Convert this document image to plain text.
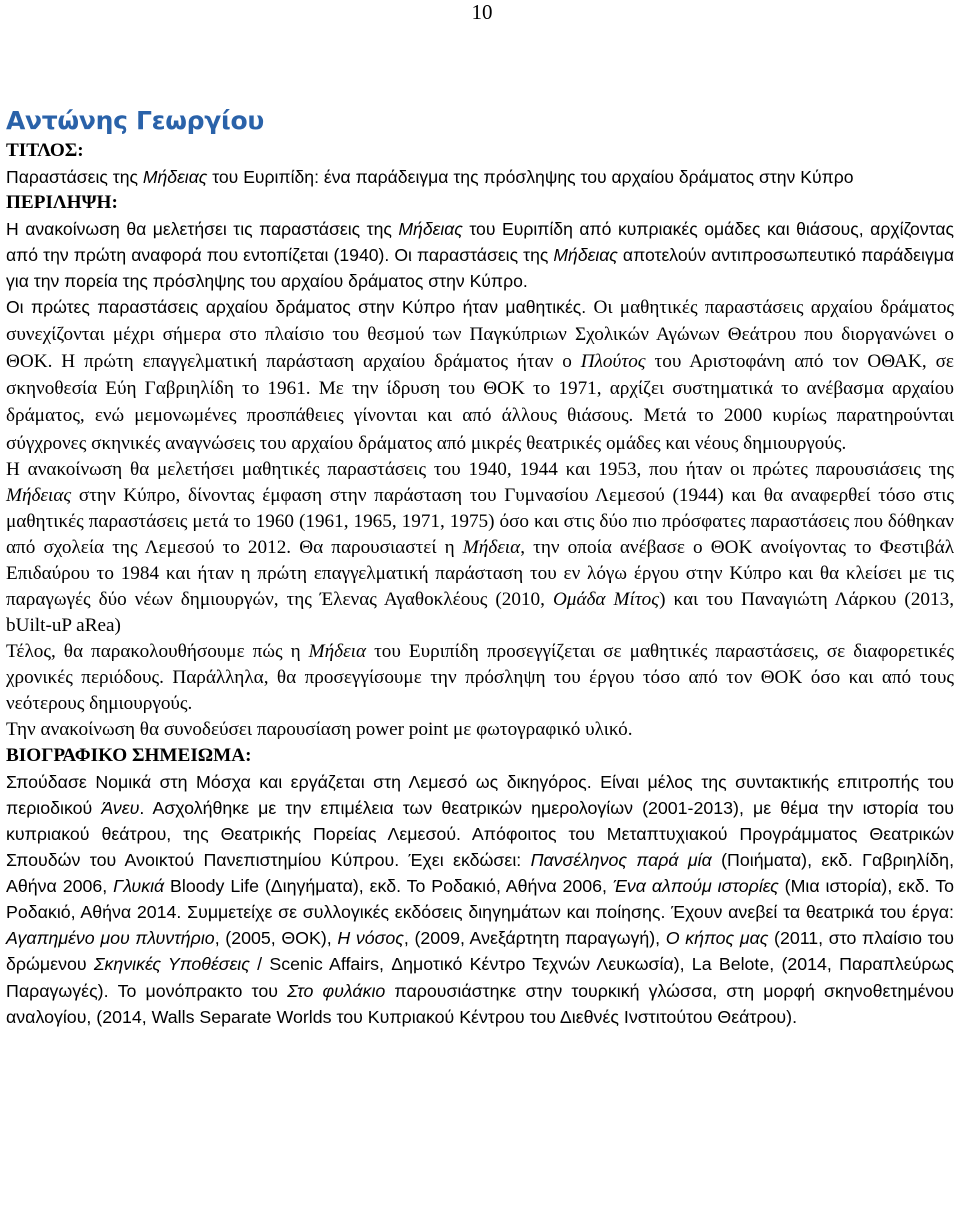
10
Αντώνης Γεωργίου

ΤΙΤΛΟΣ:

Παραστάσεις της Μήδειας του Ευριπίδη: ένα παράδειγμα της πρόσληψης του αρχαίου δράματος στην Κύπρο

ΠΕΡΙΛΗΨΗ:

Η ανακοίνωση θα μελετήσει τις παραστάσεις της Μήδειας του Ευριπίδη από κυπριακές ομάδες και θιάσους, αρχίζοντας από την πρώτη αναφορά που εντοπίζεται (1940). Οι παραστάσεις της Μήδειας αποτελούν αντιπροσωπευτικό παράδειγμα για την πορεία της πρόσληψης του αρχαίου δράματος στην Κύπρο.

Οι πρώτες παραστάσεις αρχαίου δράματος στην Κύπρο ήταν μαθητικές. Οι μαθητικές παραστάσεις αρχαίου δράματος συνεχίζονται μέχρι σήμερα στο πλαίσιο του θεσμού των Παγκύπριων Σχολικών Αγώνων Θεάτρου που διοργανώνει ο ΘΟΚ. Η πρώτη επαγγελματική παράσταση αρχαίου δράματος ήταν ο Πλούτος του Αριστοφάνη από τον ΟΘΑΚ, σε σκηνοθεσία Εύη Γαβριηλίδη το 1961. Με την ίδρυση του ΘΟΚ το 1971, αρχίζει συστηματικά το ανέβασμα αρχαίου δράματος, ενώ μεμονωμένες προσπάθειες γίνονται και από άλλους θιάσους. Μετά το 2000 κυρίως παρατηρούνται σύγχρονες σκηνικές αναγνώσεις του αρχαίου δράματος από μικρές θεατρικές ομάδες και νέους δημιουργούς.

Η ανακοίνωση θα μελετήσει μαθητικές παραστάσεις του 1940, 1944 και 1953, που ήταν οι πρώτες παρουσιάσεις της Μήδειας στην Κύπρο, δίνοντας έμφαση στην παράσταση του Γυμνασίου Λεμεσού (1944) και θα αναφερθεί τόσο στις μαθητικές παραστάσεις μετά το 1960 (1961, 1965, 1971, 1975) όσο και στις δύο πιο πρόσφατες παραστάσεις που δόθηκαν από σχολεία της Λεμεσού το 2012. Θα παρουσιαστεί η Μήδεια, την οποία ανέβασε ο ΘΟΚ ανοίγοντας το Φεστιβάλ Επιδαύρου το 1984 και ήταν η πρώτη επαγγελματική παράσταση του εν λόγω έργου στην Κύπρο και θα κλείσει με τις παραγωγές δύο νέων δημιουργών, της Έλενας Αγαθοκλέους (2010, Ομάδα Μίτος) και του Παναγιώτη Λάρκου (2013, bUilt-uP aRea)

Τέλος, θα παρακολουθήσουμε πώς η Μήδεια του Ευριπίδη προσεγγίζεται σε μαθητικές παραστάσεις, σε διαφορετικές χρονικές περιόδους. Παράλληλα, θα προσεγγίσουμε την πρόσληψη του έργου τόσο από τον ΘΟΚ όσο και από τους νεότερους δημιουργούς.

Την ανακοίνωση θα συνοδεύσει παρουσίαση power point με φωτογραφικό υλικό.

ΒΙΟΓΡΑΦΙΚΟ ΣΗΜΕΙΩΜΑ:

Σπούδασε Νομικά στη Μόσχα και εργάζεται στη Λεμεσό ως δικηγόρος. Είναι μέλος της συντακτικής επιτροπής του περιοδικού Άνευ. Ασχολήθηκε με την επιμέλεια των θεατρικών ημερολογίων (2001-2013), με θέμα την ιστορία του κυπριακού θεάτρου, της Θεατρικής Πορείας Λεμεσού. Απόφοιτος του Μεταπτυχιακού Προγράμματος Θεατρικών Σπουδών του Ανοικτού Πανεπιστημίου Κύπρου. Έχει εκδώσει: Πανσέληνος παρά μία (Ποιήματα), εκδ. Γαβριηλίδη, Αθήνα 2006, Γλυκιά Bloody Life (Διηγήματα), εκδ. Το Ροδακιό, Αθήνα 2006, Ένα αλπούμ ιστορίες (Μια ιστορία), εκδ. Το Ροδακιό, Αθήνα 2014. Συμμετείχε σε συλλογικές εκδόσεις διηγημάτων και ποίησης. Έχουν ανεβεί τα θεατρικά του έργα: Αγαπημένο μου πλυντήριο, (2005, ΘΟΚ), Η νόσος, (2009, Ανεξάρτητη παραγωγή), Ο κήπος μας (2011, στο πλαίσιο του δρώμενου Σκηνικές Υποθέσεις / Scenic Affairs, Δημοτικό Κέντρο Τεχνών Λευκωσία), La Belote, (2014, Παραπλεύρως Παραγωγές). Το μονόπρακτο του Στο φυλάκιο παρουσιάστηκε στην τουρκική γλώσσα, στη μορφή σκηνοθετημένου αναλογίου, (2014, Walls Separate Worlds του Κυπριακού Κέντρου του Διεθνές Ινστιτούτου Θεάτρου).
